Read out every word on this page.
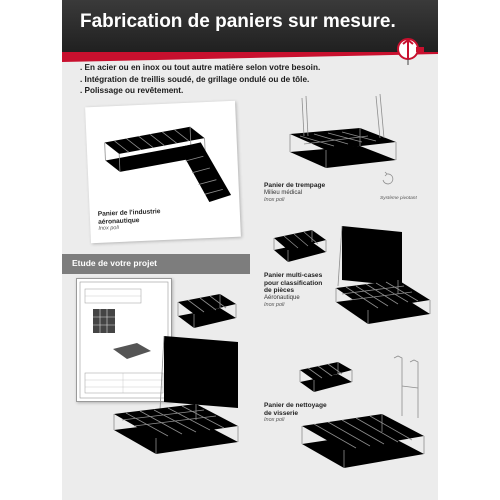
Fabrication de paniers sur mesure.
. En acier ou en inox ou tout autre matière selon votre besoin.
. Intégration de treillis soudé, de grillage ondulé ou de tôle.
. Polissage ou revêtement.
Panier de l'industrie
aéronautique
Inox poli
Système pivotant
Panier de trempage
Milieu médical
Inox poli
Panier multi-cases
pour classification
de pièces
Aéronautique
Inox poli
Etude de votre projet
Panier de nettoyage
de visserie
Inox poli
